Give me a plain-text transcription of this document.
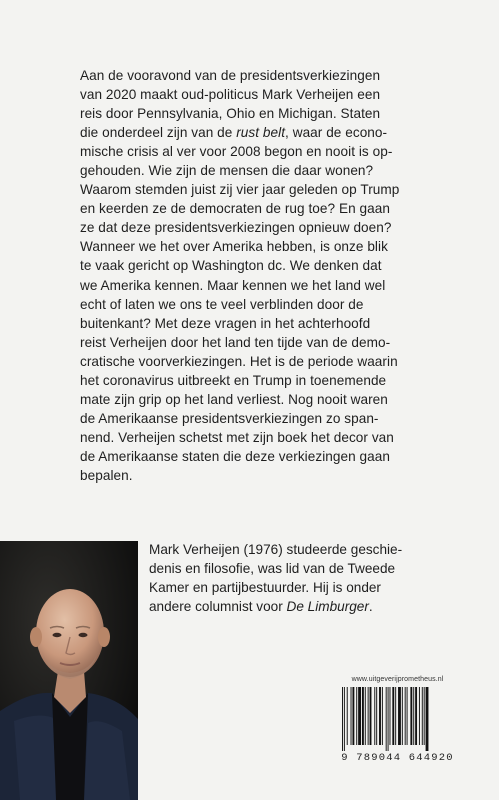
Aan de vooravond van de presidentsverkiezingen
van 2020 maakt oud-politicus Mark Verheijen een
reis door Pennsylvania, Ohio en Michigan. Staten
die onderdeel zijn van de rust belt, waar de econo-
mische crisis al ver voor 2008 begon en nooit is op-
gehouden. Wie zijn de mensen die daar wonen?
Waarom stemden juist zij vier jaar geleden op Trump
en keerden ze de democraten de rug toe? En gaan
ze dat deze presidentsverkiezingen opnieuw doen?
Wanneer we het over Amerika hebben, is onze blik
te vaak gericht op Washington dc. We denken dat
we Amerika kennen. Maar kennen we het land wel
echt of laten we ons te veel verblinden door de
buitenkant? Met deze vragen in het achterhoofd
reist Verheijen door het land ten tijde van de demo-
cratische voorverkiezingen. Het is de periode waarin
het coronavirus uitbreekt en Trump in toenemende
mate zijn grip op het land verliest. Nog nooit waren
de Amerikaanse presidentsverkiezingen zo span-
nend. Verheijen schetst met zijn boek het decor van
de Amerikaanse staten die deze verkiezingen gaan
bepalen.
Mark Verheijen (1976) studeerde geschie-
denis en filosofie, was lid van de Tweede
Kamer en partijbestuurder. Hij is onder
andere columnist voor De Limburger.
www.uitgeverijprometheus.nl
9 789044 644920
